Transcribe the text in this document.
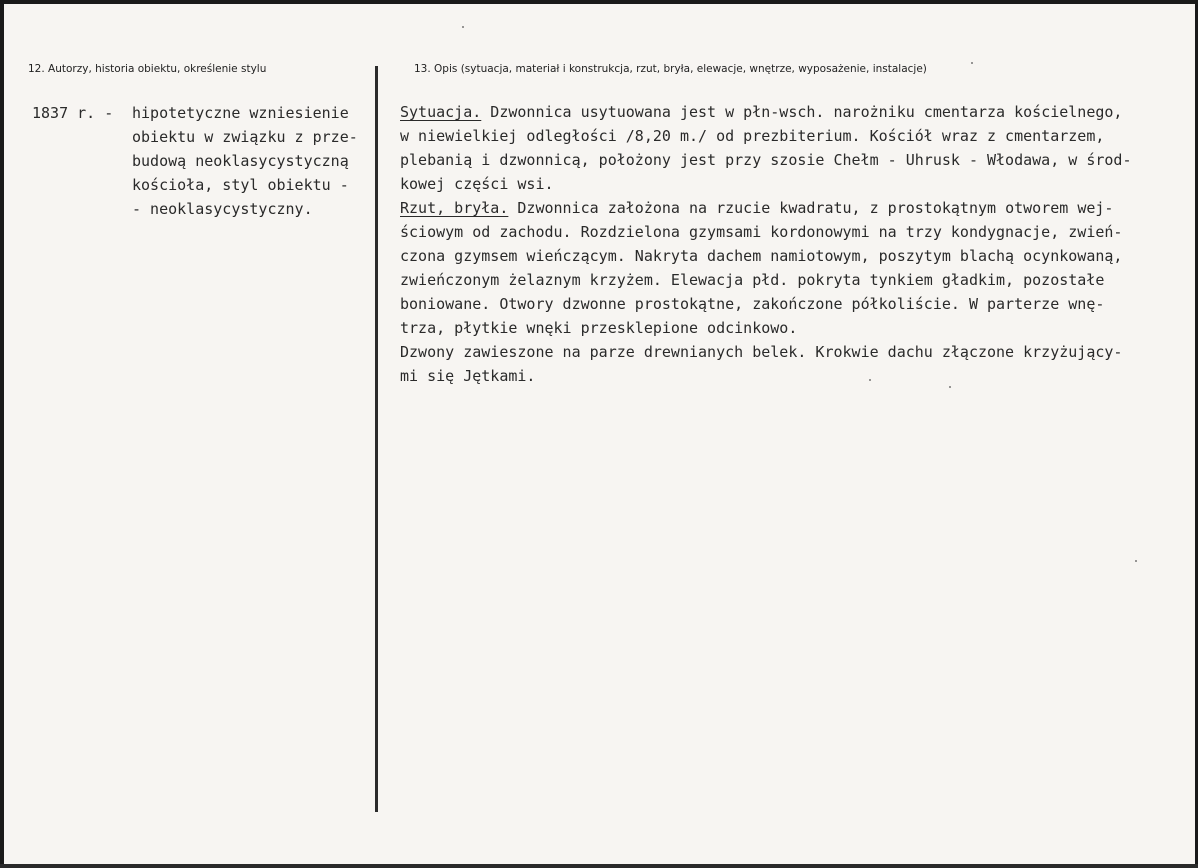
12. Autorzy, historia obiektu, określenie stylu	13. Opis (sytuacja, materiał i konstrukcja, rzut, bryła, elewacje, wnętrze, wyposażenie, instalacje)
1837 r. - hipotetyczne wzniesienie
obiektu w związku z prze-
budową neoklasycystyczną
kościoła, styl obiektu -
- neoklasycystyczny.
Sytuacja. Dzwonnica usytuowana jest w płn-wsch. narożniku cmentarza kościelnego,
w niewielkiej odległości /8,20 m./ od prezbiterium. Kościół wraz z cmentarzem,
plebanią i dzwonnicą, położony jest przy szosie Chełm - Uhrusk - Włodawa, w środ-
kowej części wsi.
Rzut, bryła. Dzwonnica założona na rzucie kwadratu, z prostokątnym otworem wej-
ściowym od zachodu. Rozdzielona gzymsami kordonowymi na trzy kondygnacje, zwień-
czona gzymsem wieńczącym. Nakryta dachem namiotowym, poszytym blachą ocynkowaną,
zwieńczonym żelaznym krzyżem. Elewacja płd. pokryta tynkiem gładkim, pozostałe
boniowane. Otwory dzwonne prostokątne, zakończone półkoliście. W parterze wnę-
trza, płytkie wnęki przesklepione odcinkowo.
Dzwony zawieszone na parze drewnianych belek. Krokwie dachu złączone krzyżujący-
mi się Jętkami.
